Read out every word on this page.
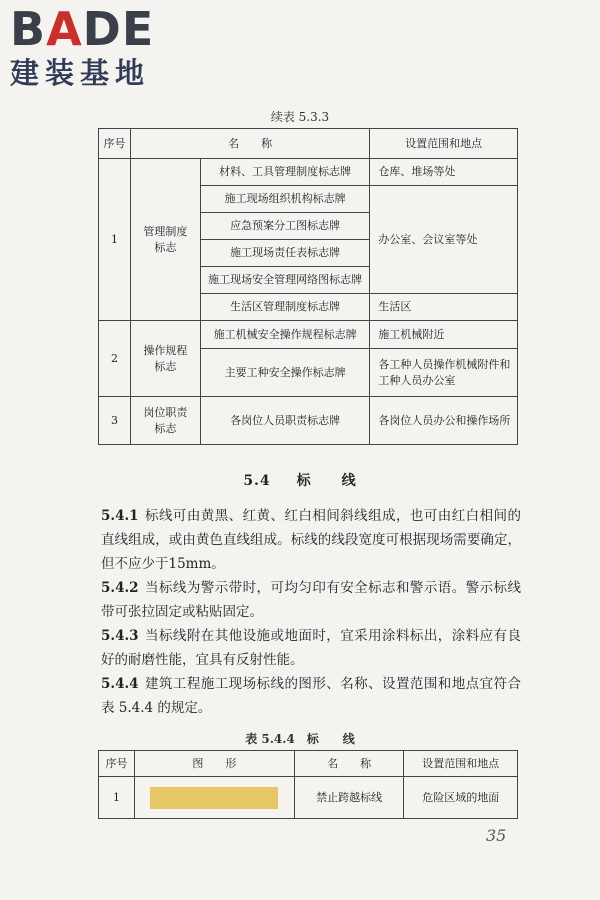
BADE
建装基地
续表 5.3.3
序号	名　　称		设置范围和地点
1	管理制度标志	材料、工具管理制度标志牌	仓库、堆场等处
		施工现场组织机构标志牌	办公室、会议室等处
		应急预案分工图标志牌	
		施工现场责任表标志牌	
		施工现场安全管理网络图标志牌	
		生活区管理制度标志牌	生活区
2	操作规程标志	施工机械安全操作规程标志牌	施工机械附近
		主要工种安全操作标志牌	各工种人员操作机械附件和工种人员办公室
3	岗位职责标志	各岗位人员职责标志牌	各岗位人员办公和操作场所
5.4 标　　线
5.4.1 标线可由黄黑、红黄、红白相间斜线组成，也可由红白相间的直线组成，或由黄色直线组成。标线的线段宽度可根据现场需要确定，但不应少于15mm。
5.4.2 当标线为警示带时，可均匀印有安全标志和警示语。警示标线带可张拉固定或粘贴固定。
5.4.3 当标线附在其他设施或地面时，宜采用涂料标出，涂料应有良好的耐磨性能，宜具有反射性能。
5.4.4 建筑工程施工现场标线的图形、名称、设置范围和地点宜符合表 5.4.4 的规定。
表 5.4.4　标　　线
序号	图　　形	名　　称	设置范围和地点
1		禁止跨越标线	危险区域的地面
35
